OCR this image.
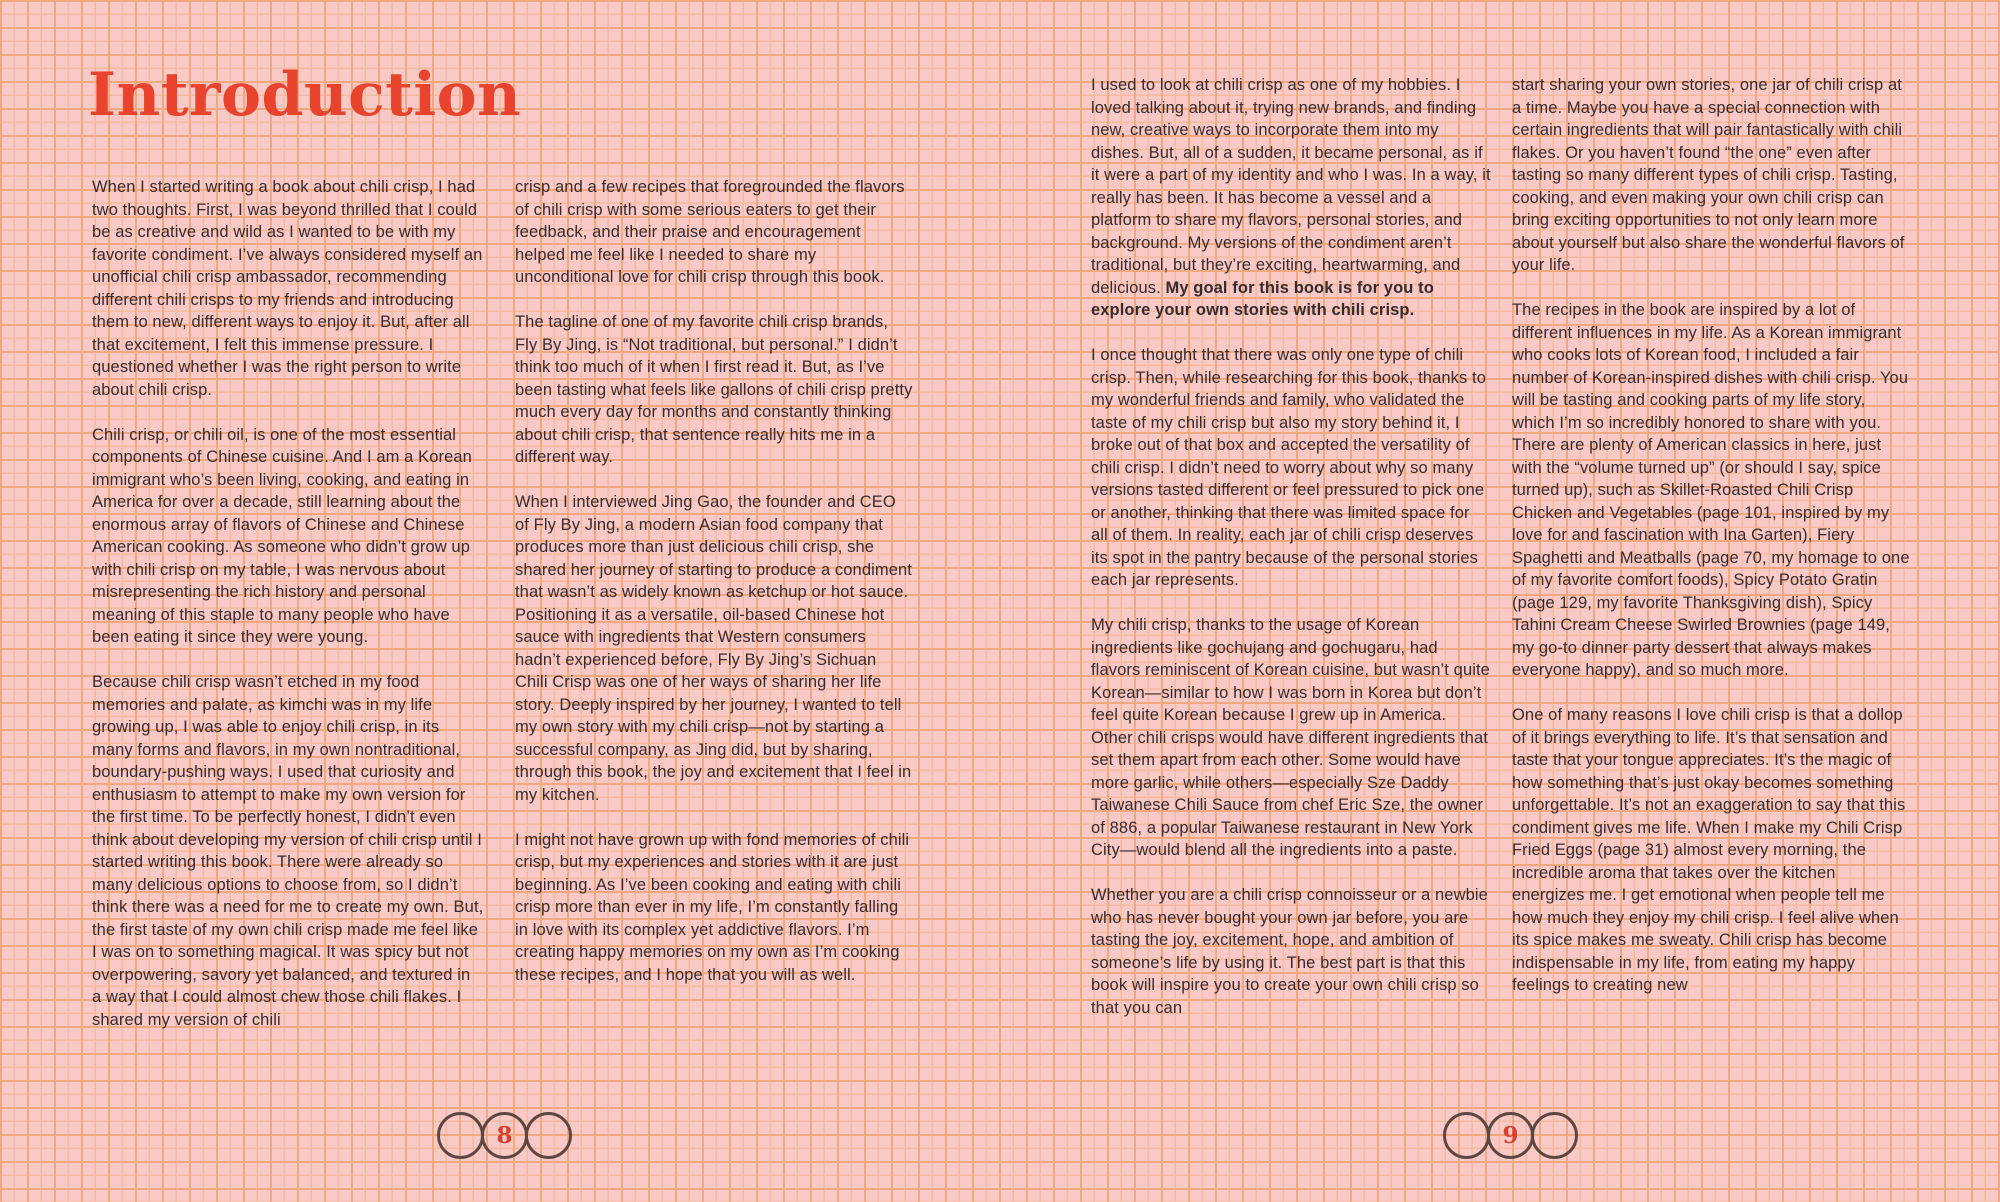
Introduction

When I started writing a book about chili crisp, I had two thoughts. First, I was beyond thrilled that I could be as creative and wild as I wanted to be with my favorite condiment. I’ve always considered myself an unofficial chili crisp ambassador, recommending different chili crisps to my friends and introducing them to new, different ways to enjoy it. But, after all that excitement, I felt this immense pressure. I questioned whether I was the right person to write about chili crisp.

Chili crisp, or chili oil, is one of the most essential components of Chinese cuisine. And I am a Korean immigrant who’s been living, cooking, and eating in America for over a decade, still learning about the enormous array of flavors of Chinese and Chinese American cooking. As someone who didn’t grow up with chili crisp on my table, I was nervous about misrepresenting the rich history and personal meaning of this staple to many people who have been eating it since they were young.

Because chili crisp wasn’t etched in my food memories and palate, as kimchi was in my life growing up, I was able to enjoy chili crisp, in its many forms and flavors, in my own nontraditional, boundary-pushing ways. I used that curiosity and enthusiasm to attempt to make my own version for the first time. To be perfectly honest, I didn’t even think about developing my version of chili crisp until I started writing this book. There were already so many delicious options to choose from, so I didn’t think there was a need for me to create my own. But, the first taste of my own chili crisp made me feel like I was on to something magical. It was spicy but not overpowering, savory yet balanced, and textured in a way that I could almost chew those chili flakes. I shared my version of chili

crisp and a few recipes that foregrounded the flavors of chili crisp with some serious eaters to get their feedback, and their praise and encouragement helped me feel like I needed to share my unconditional love for chili crisp through this book.

The tagline of one of my favorite chili crisp brands, Fly By Jing, is “Not traditional, but personal.” I didn’t think too much of it when I first read it. But, as I’ve been tasting what feels like gallons of chili crisp pretty much every day for months and constantly thinking about chili crisp, that sentence really hits me in a different way.

When I interviewed Jing Gao, the founder and CEO of Fly By Jing, a modern Asian food company that produces more than just delicious chili crisp, she shared her journey of starting to produce a condiment that wasn’t as widely known as ketchup or hot sauce. Positioning it as a versatile, oil-based Chinese hot sauce with ingredients that Western consumers hadn’t experienced before, Fly By Jing’s Sichuan Chili Crisp was one of her ways of sharing her life story. Deeply inspired by her journey, I wanted to tell my own story with my chili crisp—not by starting a successful company, as Jing did, but by sharing, through this book, the joy and excitement that I feel in my kitchen.

I might not have grown up with fond memories of chili crisp, but my experiences and stories with it are just beginning. As I’ve been cooking and eating with chili crisp more than ever in my life, I’m constantly falling in love with its complex yet addictive flavors. I’m creating happy memories on my own as I’m cooking these recipes, and I hope that you will as well.

I used to look at chili crisp as one of my hobbies. I loved talking about it, trying new brands, and finding new, creative ways to incorporate them into my dishes. But, all of a sudden, it became personal, as if it were a part of my identity and who I was. In a way, it really has been. It has become a vessel and a platform to share my flavors, personal stories, and background. My versions of the condiment aren’t traditional, but they’re exciting, heartwarming, and delicious. My goal for this book is for you to explore your own stories with chili crisp.

I once thought that there was only one type of chili crisp. Then, while researching for this book, thanks to my wonderful friends and family, who validated the taste of my chili crisp but also my story behind it, I broke out of that box and accepted the versatility of chili crisp. I didn’t need to worry about why so many versions tasted different or feel pressured to pick one or another, thinking that there was limited space for all of them. In reality, each jar of chili crisp deserves its spot in the pantry because of the personal stories each jar represents.

My chili crisp, thanks to the usage of Korean ingredients like gochujang and gochugaru, had flavors reminiscent of Korean cuisine, but wasn’t quite Korean—similar to how I was born in Korea but don’t feel quite Korean because I grew up in America. Other chili crisps would have different ingredients that set them apart from each other. Some would have more garlic, while others—especially Sze Daddy Taiwanese Chili Sauce from chef Eric Sze, the owner of 886, a popular Taiwanese restaurant in New York City—would blend all the ingredients into a paste.

Whether you are a chili crisp connoisseur or a newbie who has never bought your own jar before, you are tasting the joy, excitement, hope, and ambition of someone’s life by using it. The best part is that this book will inspire you to create your own chili crisp so that you can

start sharing your own stories, one jar of chili crisp at a time. Maybe you have a special connection with certain ingredients that will pair fantastically with chili flakes. Or you haven’t found “the one” even after tasting so many different types of chili crisp. Tasting, cooking, and even making your own chili crisp can bring exciting opportunities to not only learn more about yourself but also share the wonderful flavors of your life.

The recipes in the book are inspired by a lot of different influences in my life. As a Korean immigrant who cooks lots of Korean food, I included a fair number of Korean-inspired dishes with chili crisp. You will be tasting and cooking parts of my life story, which I’m so incredibly honored to share with you. There are plenty of American classics in here, just with the “volume turned up” (or should I say, spice turned up), such as Skillet-Roasted Chili Crisp Chicken and Vegetables (page 101, inspired by my love for and fascination with Ina Garten), Fiery Spaghetti and Meatballs (page 70, my homage to one of my favorite comfort foods), Spicy Potato Gratin (page 129, my favorite Thanksgiving dish), Spicy Tahini Cream Cheese Swirled Brownies (page 149, my go-to dinner party dessert that always makes everyone happy), and so much more.

One of many reasons I love chili crisp is that a dollop of it brings everything to life. It’s that sensation and taste that your tongue appreciates. It’s the magic of how something that’s just okay becomes something unforgettable. It’s not an exaggeration to say that this condiment gives me life. When I make my Chili Crisp Fried Eggs (page 31) almost every morning, the incredible aroma that takes over the kitchen energizes me. I get emotional when people tell me how much they enjoy my chili crisp. I feel alive when its spice makes me sweaty. Chili crisp has become indispensable in my life, from eating my happy feelings to creating new

8	9
